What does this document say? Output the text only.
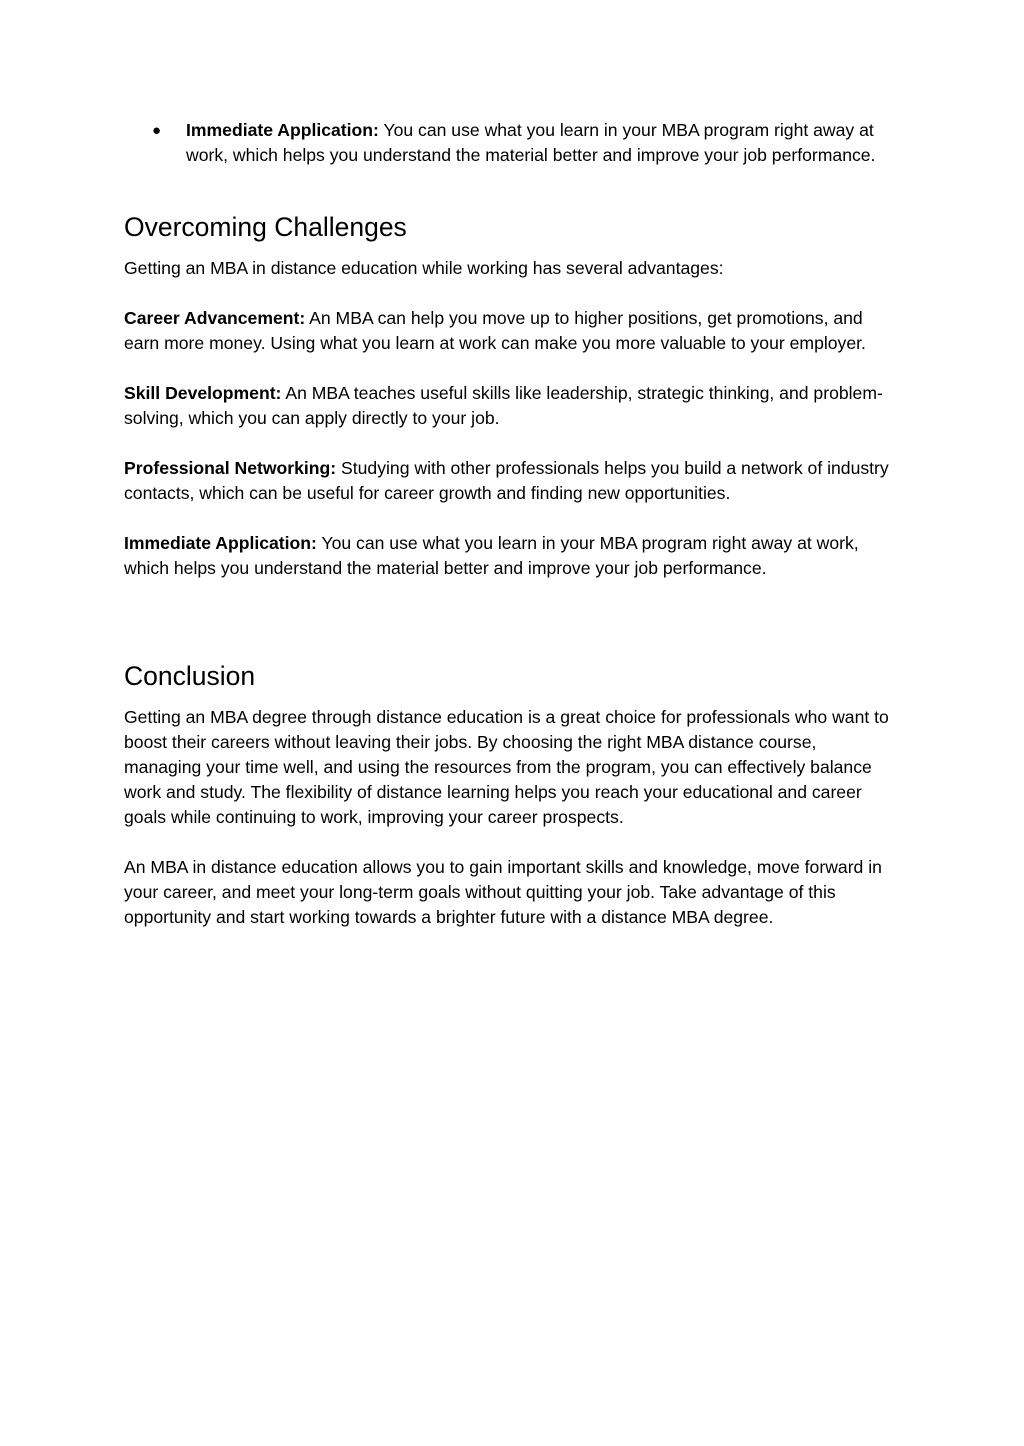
● Immediate Application: You can use what you learn in your MBA program right away at work, which helps you understand the material better and improve your job performance.
Overcoming Challenges

Getting an MBA in distance education while working has several advantages:

Career Advancement: An MBA can help you move up to higher positions, get promotions, and earn more money. Using what you learn at work can make you more valuable to your employer.

Skill Development: An MBA teaches useful skills like leadership, strategic thinking, and problem-solving, which you can apply directly to your job.

Professional Networking: Studying with other professionals helps you build a network of industry contacts, which can be useful for career growth and finding new opportunities.

Immediate Application: You can use what you learn in your MBA program right away at work, which helps you understand the material better and improve your job performance.

Conclusion

Getting an MBA degree through distance education is a great choice for professionals who want to boost their careers without leaving their jobs. By choosing the right MBA distance course, managing your time well, and using the resources from the program, you can effectively balance work and study. The flexibility of distance learning helps you reach your educational and career goals while continuing to work, improving your career prospects.

An MBA in distance education allows you to gain important skills and knowledge, move forward in your career, and meet your long-term goals without quitting your job. Take advantage of this opportunity and start working towards a brighter future with a distance MBA degree.
